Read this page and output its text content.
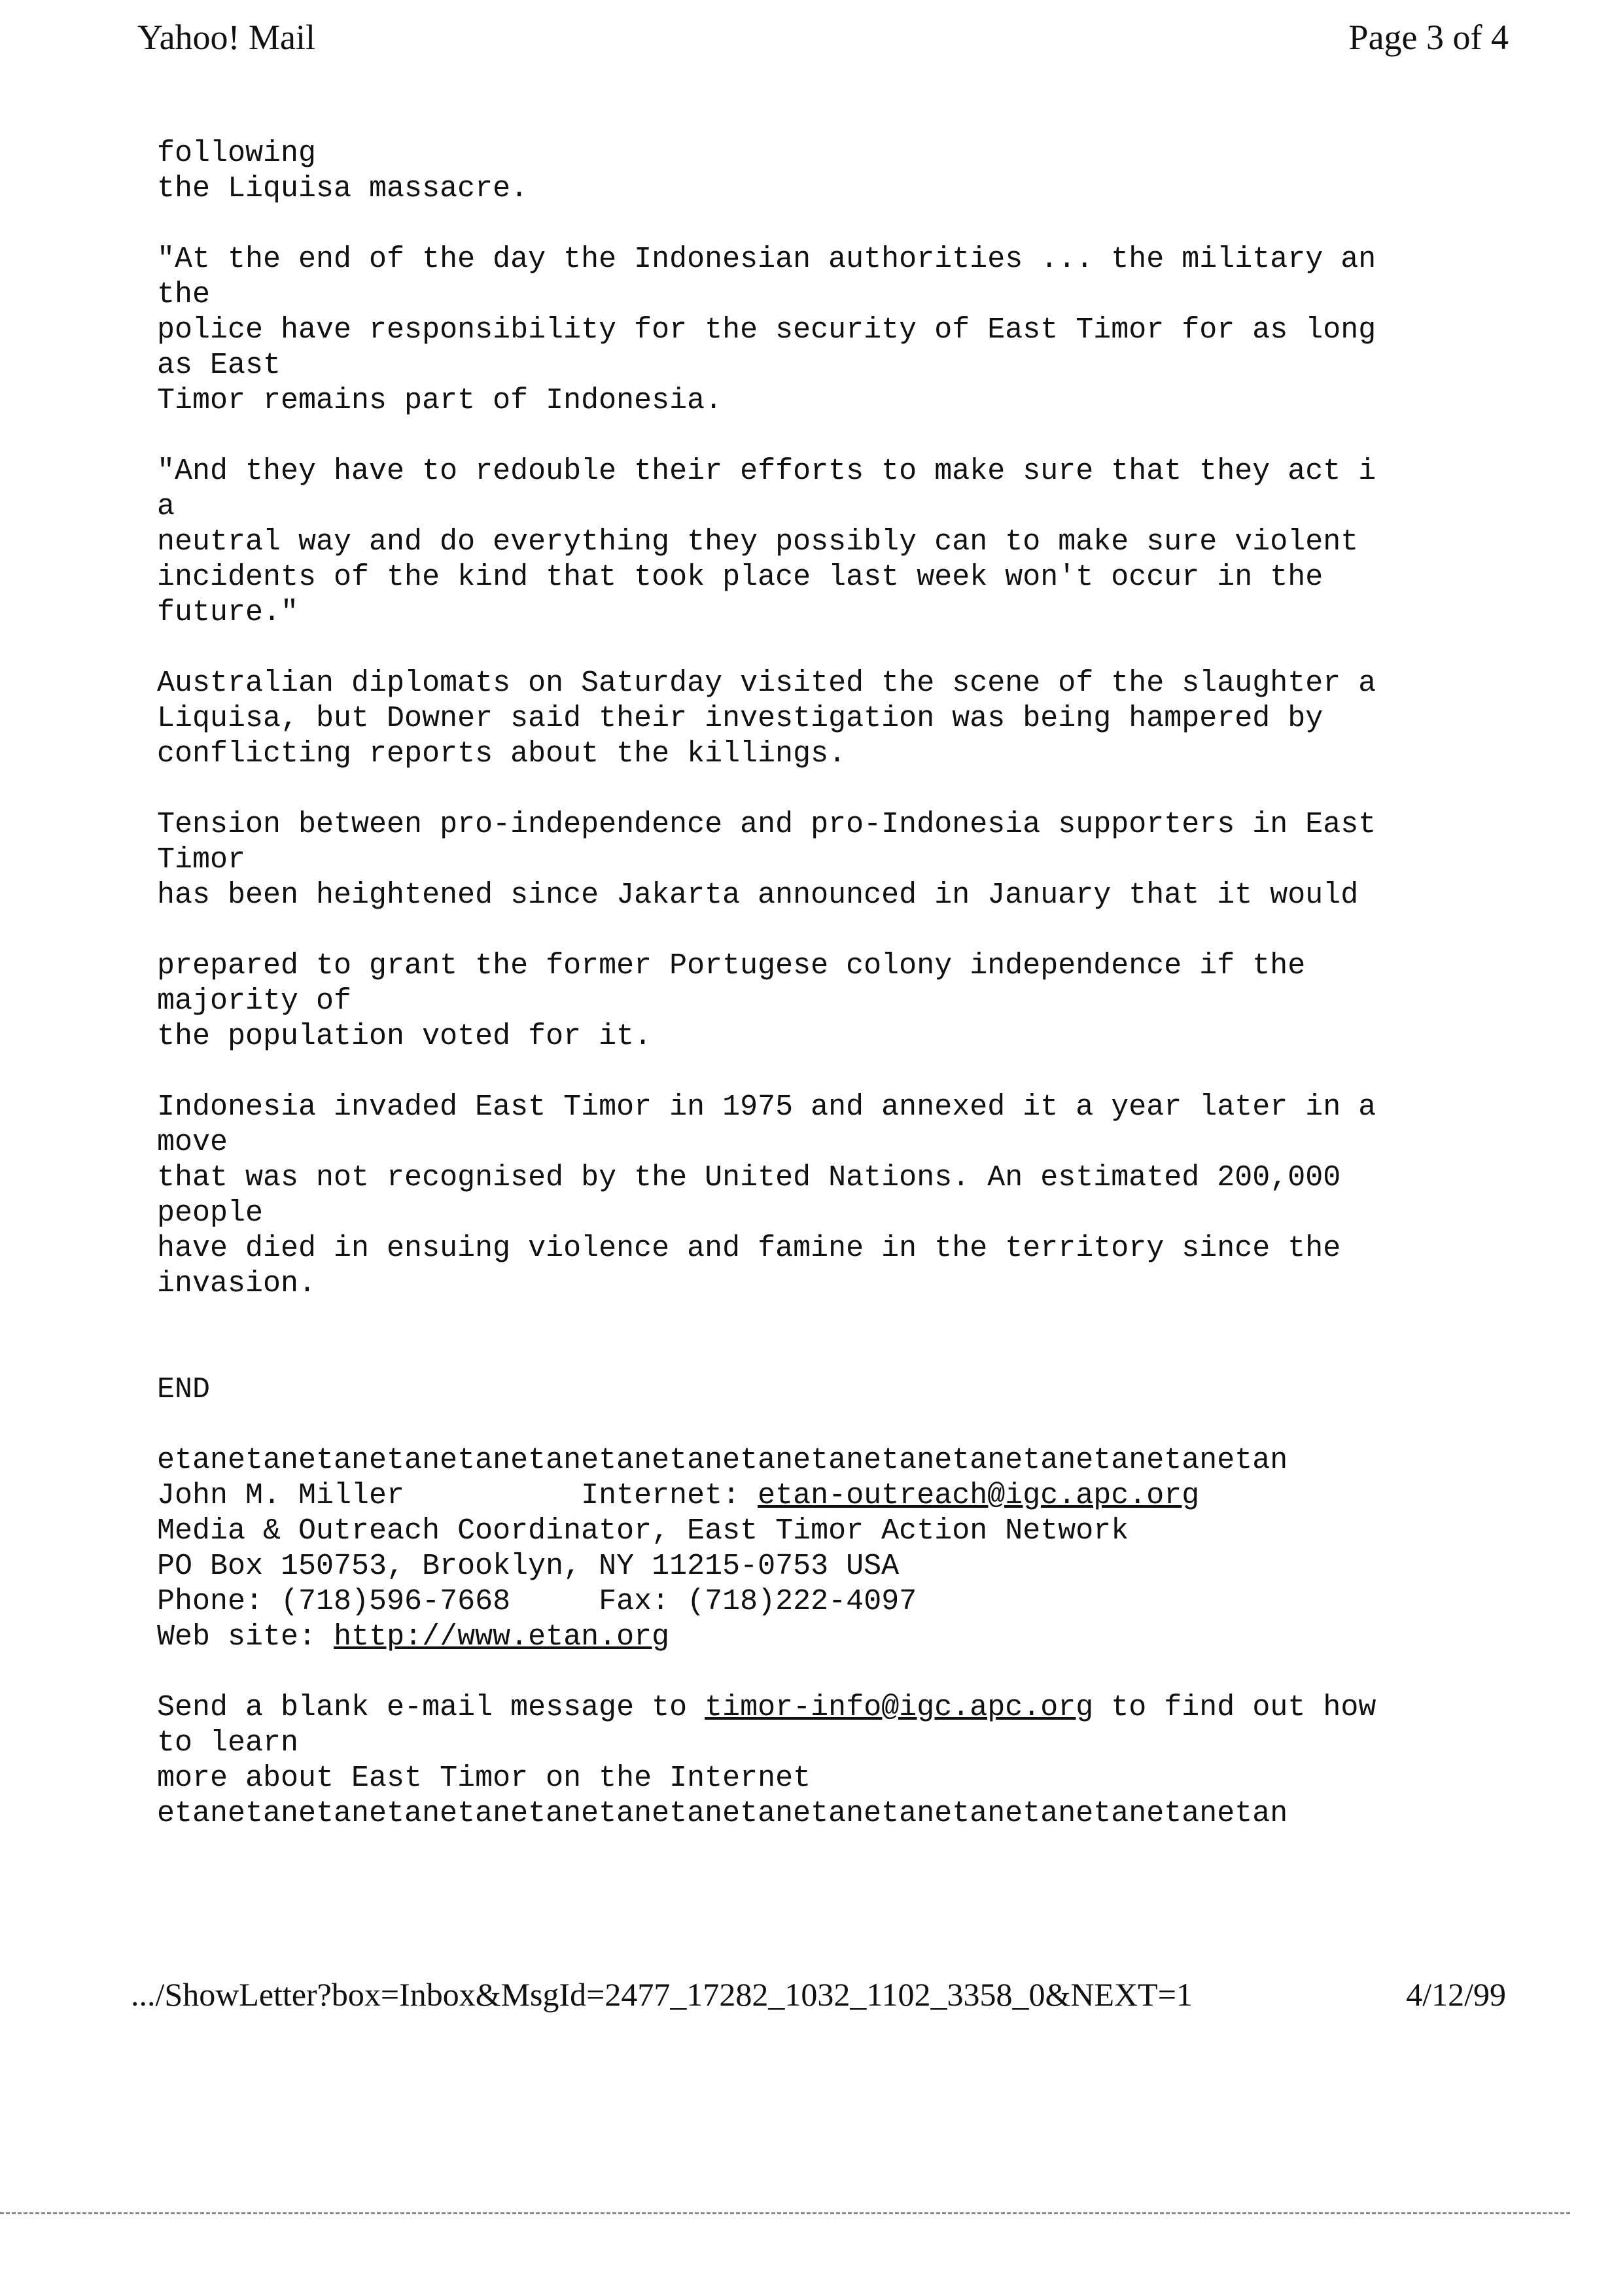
Yahoo! Mail	Page 3 of 4
following
the Liquisa massacre.
"At the end of the day the Indonesian authorities ... the military an
the
police have responsibility for the security of East Timor for as long
as East
Timor remains part of Indonesia.
"And they have to redouble their efforts to make sure that they act i
a
neutral way and do everything they possibly can to make sure violent
incidents of the kind that took place last week won't occur in the
future."
Australian diplomats on Saturday visited the scene of the slaughter a
Liquisa, but Downer said their investigation was being hampered by
conflicting reports about the killings.
Tension between pro-independence and pro-Indonesia supporters in East
Timor
has been heightened since Jakarta announced in January that it would
prepared to grant the former Portugese colony independence if the
majority of
the population voted for it.
Indonesia invaded East Timor in 1975 and annexed it a year later in a
move
that was not recognised by the United Nations. An estimated 200,000
people
have died in ensuing violence and famine in the territory since the
invasion.
END
etanetanetanetanetanetanetanetanetanetanetanetanetanetanetanetan
John M. Miller	Internet: etan-outreach@igc.apc.org
Media & Outreach Coordinator, East Timor Action Network
PO Box 150753, Brooklyn, NY 11215-0753 USA
Phone: (718)596-7668	Fax: (718)222-4097
Web site: http://www.etan.org
Send a blank e-mail message to timor-info@igc.apc.org to find out how
to learn
more about East Timor on the Internet
etanetanetanetanetanetanetanetanetanetanetanetanetanetanetanetan
.../ShowLetter?box=Inbox&MsgId=2477_17282_1032_1102_3358_0&NEXT=1	4/12/99
